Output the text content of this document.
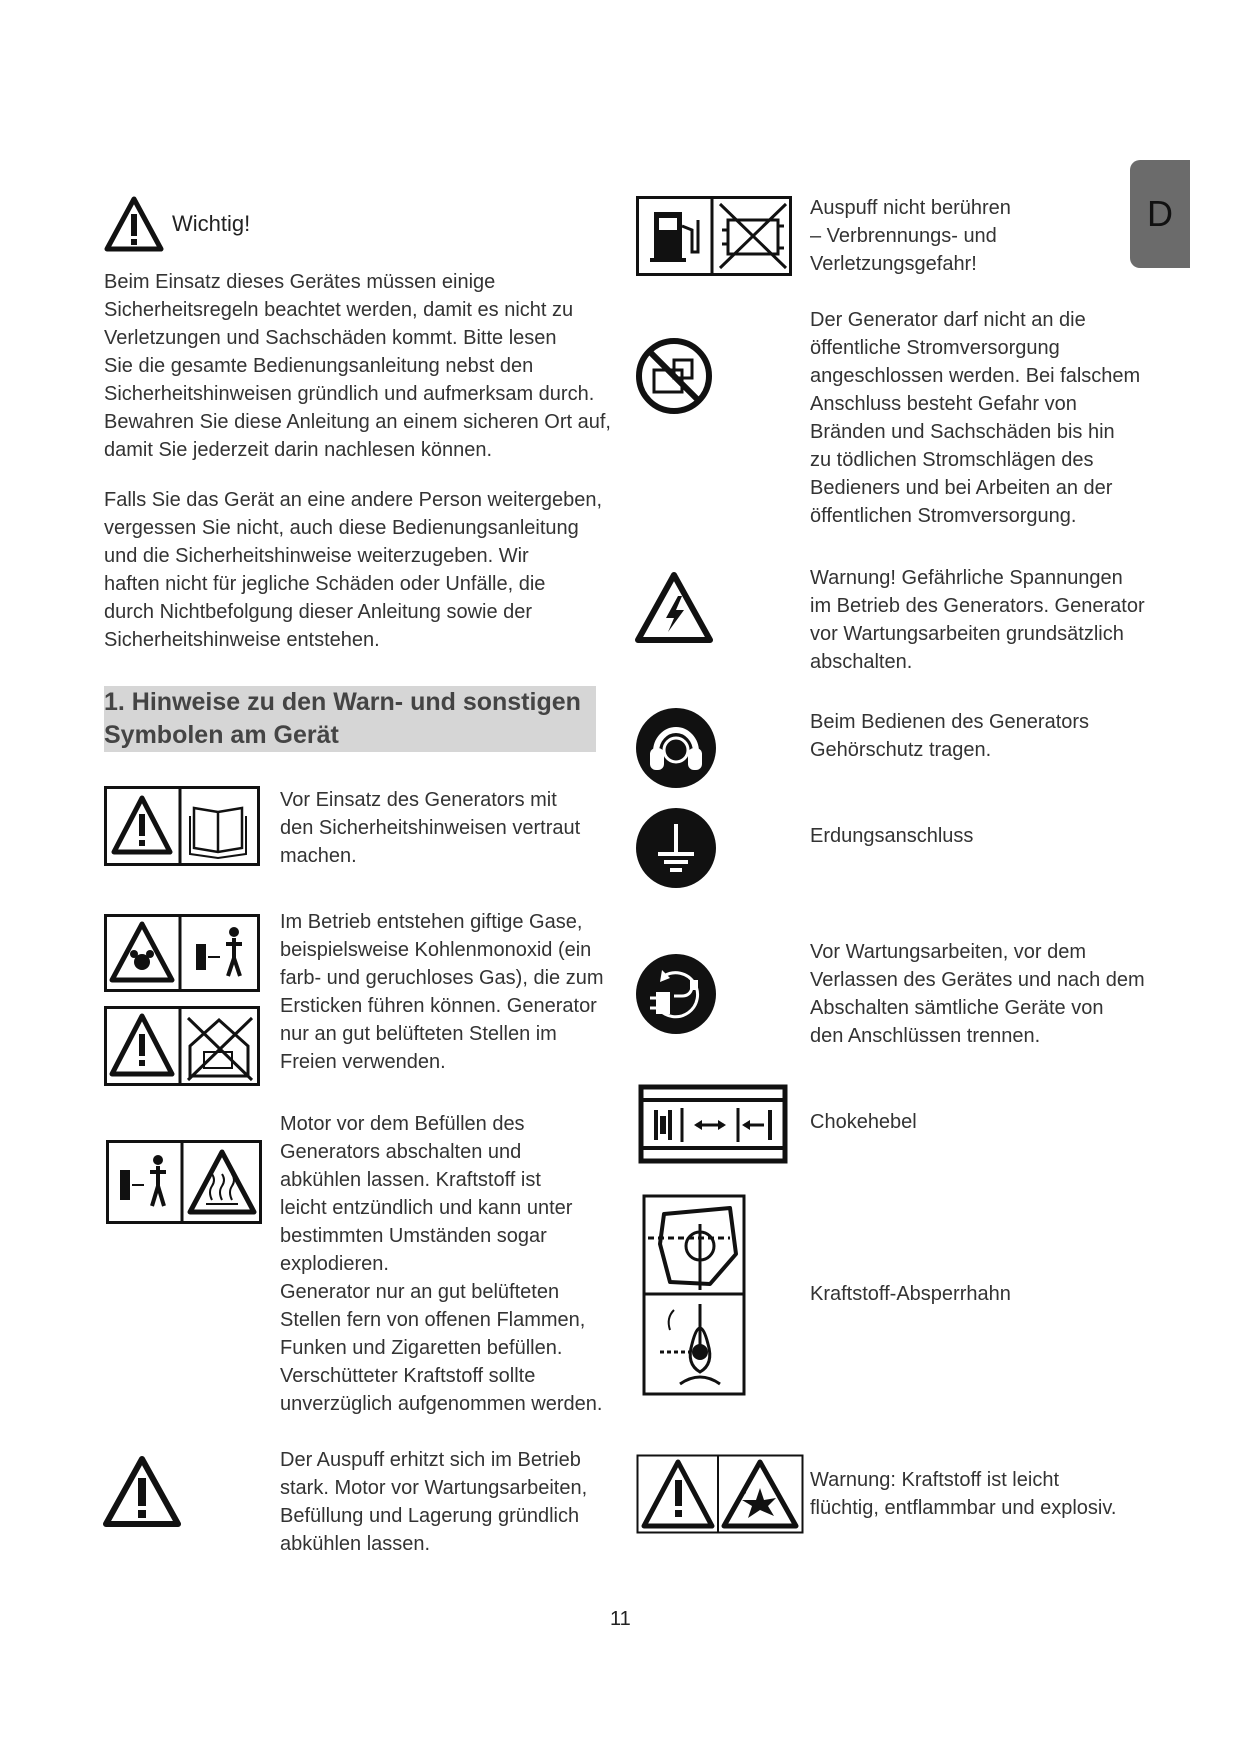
D
Wichtig!
Beim Einsatz dieses Gerätes müssen einige
Sicherheitsregeln beachtet werden, damit es nicht zu
Verletzungen und Sachschäden kommt. Bitte lesen
Sie die gesamte Bedienungsanleitung nebst den
Sicherheitshinweisen gründlich und aufmerksam durch.
Bewahren Sie diese Anleitung an einem sicheren Ort auf,
damit Sie jederzeit darin nachlesen können.
Falls Sie das Gerät an eine andere Person weitergeben,
vergessen Sie nicht, auch diese Bedienungsanleitung
und die Sicherheitshinweise weiterzugeben. Wir
haften nicht für jegliche Schäden oder Unfälle, die
durch Nichtbefolgung dieser Anleitung sowie der
Sicherheitshinweise entstehen.
1. Hinweise zu den Warn- und sonstigen
Symbolen am Gerät
Vor Einsatz des Generators mit
den Sicherheitshinweisen vertraut
machen.
Im Betrieb entstehen giftige Gase,
beispielsweise Kohlenmonoxid (ein
farb- und geruchloses Gas), die zum
Ersticken führen können. Generator
nur an gut belüfteten Stellen im
Freien verwenden.
Motor vor dem Befüllen des
Generators abschalten und
abkühlen lassen. Kraftstoff ist
leicht entzündlich und kann unter
bestimmten Umständen sogar
explodieren.
Generator nur an gut belüfteten
Stellen fern von offenen Flammen,
Funken und Zigaretten befüllen.
Verschütteter Kraftstoff sollte
unverzüglich aufgenommen werden.
Der Auspuff erhitzt sich im Betrieb
stark. Motor vor Wartungsarbeiten,
Befüllung und Lagerung gründlich
abkühlen lassen.
Auspuff nicht berühren
– Verbrennungs- und
Verletzungsgefahr!
Der Generator darf nicht an die
öffentliche Stromversorgung
angeschlossen werden. Bei falschem
Anschluss besteht Gefahr von
Bränden und Sachschäden bis hin
zu tödlichen Stromschlägen des
Bedieners und bei Arbeiten an der
öffentlichen Stromversorgung.
Warnung! Gefährliche Spannungen
im Betrieb des Generators. Generator
vor Wartungsarbeiten grundsätzlich
abschalten.
Beim Bedienen des Generators
Gehörschutz tragen.
Erdungsanschluss
Vor Wartungsarbeiten, vor dem
Verlassen des Gerätes und nach dem
Abschalten sämtliche Geräte von
den Anschlüssen trennen.
Chokehebel
Kraftstoff-Absperrhahn
Warnung: Kraftstoff ist leicht
flüchtig, entflammbar und explosiv.
11
